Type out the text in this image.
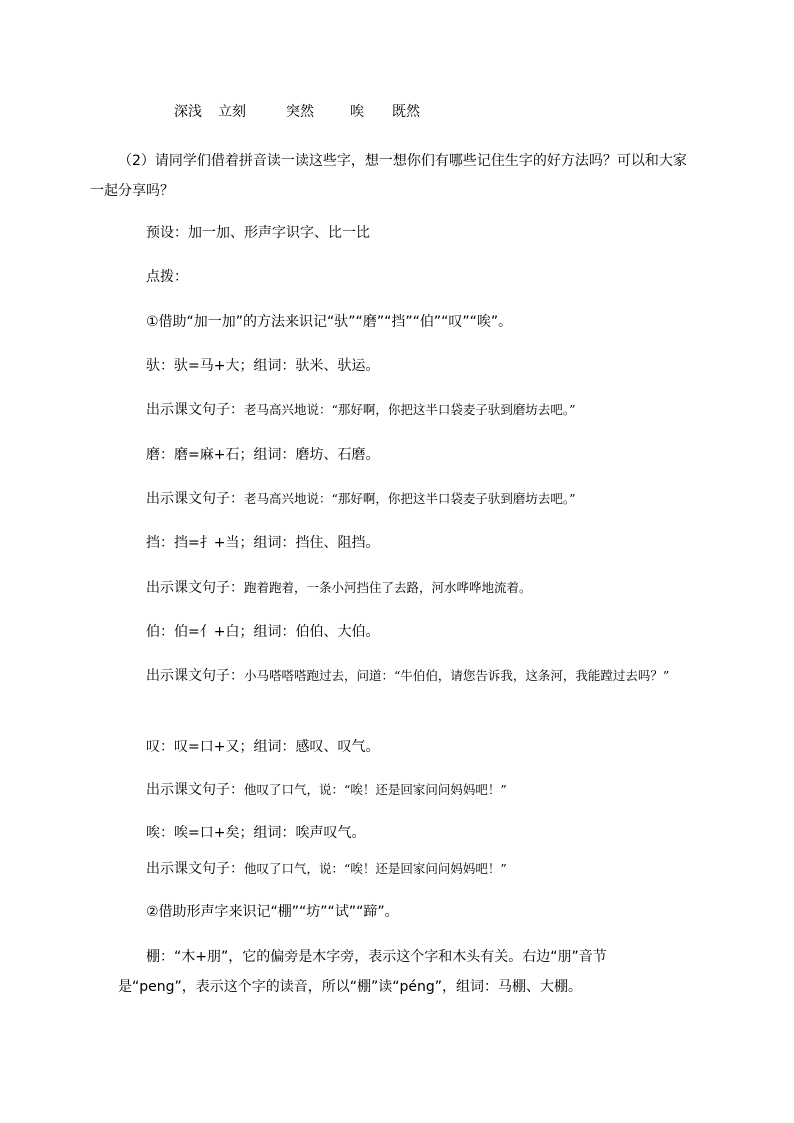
深浅 立刻	突然	唉 既然
（2）请同学们借着拼音读一读这些字，想一想你们有哪些记住生字的好方法吗？可以和大家一起分享吗？
预设：加一加、形声字识字、比一比
点拨：
①借助“加一加”的方法来识记“驮”“磨”“挡”“伯”“叹”“唉”。
驮：驮=马+大；组词：驮米、驮运。
出示课文句子：老马高兴地说：“那好啊，你把这半口袋麦子驮到磨坊去吧。”
磨：磨=麻+石；组词：磨坊、石磨。
出示课文句子：老马高兴地说：“那好啊，你把这半口袋麦子驮到磨坊去吧。”
挡：挡=扌+当；组词：挡住、阻挡。
出示课文句子：跑着跑着，一条小河挡住了去路，河水哗哗地流着。
伯：伯=亻+白；组词：伯伯、大伯。
出示课文句子：小马嗒嗒嗒跑过去，问道：“牛伯伯，请您告诉我，这条河，我能蹚过去吗？”
叹：叹=口+又；组词：感叹、叹气。
出示课文句子：他叹了口气，说：“唉！还是回家问问妈妈吧！”
唉：唉=口+矣；组词：唉声叹气。
出示课文句子：他叹了口气，说：“唉！还是回家问问妈妈吧！”
②借助形声字来识记“棚”“坊”“试”“蹄”。
棚：“木+朋”，它的偏旁是木字旁，表示这个字和木头有关。右边“朋”音节是“peng”，表示这个字的读音，所以“棚”读“péng”，组词：马棚、大棚。
